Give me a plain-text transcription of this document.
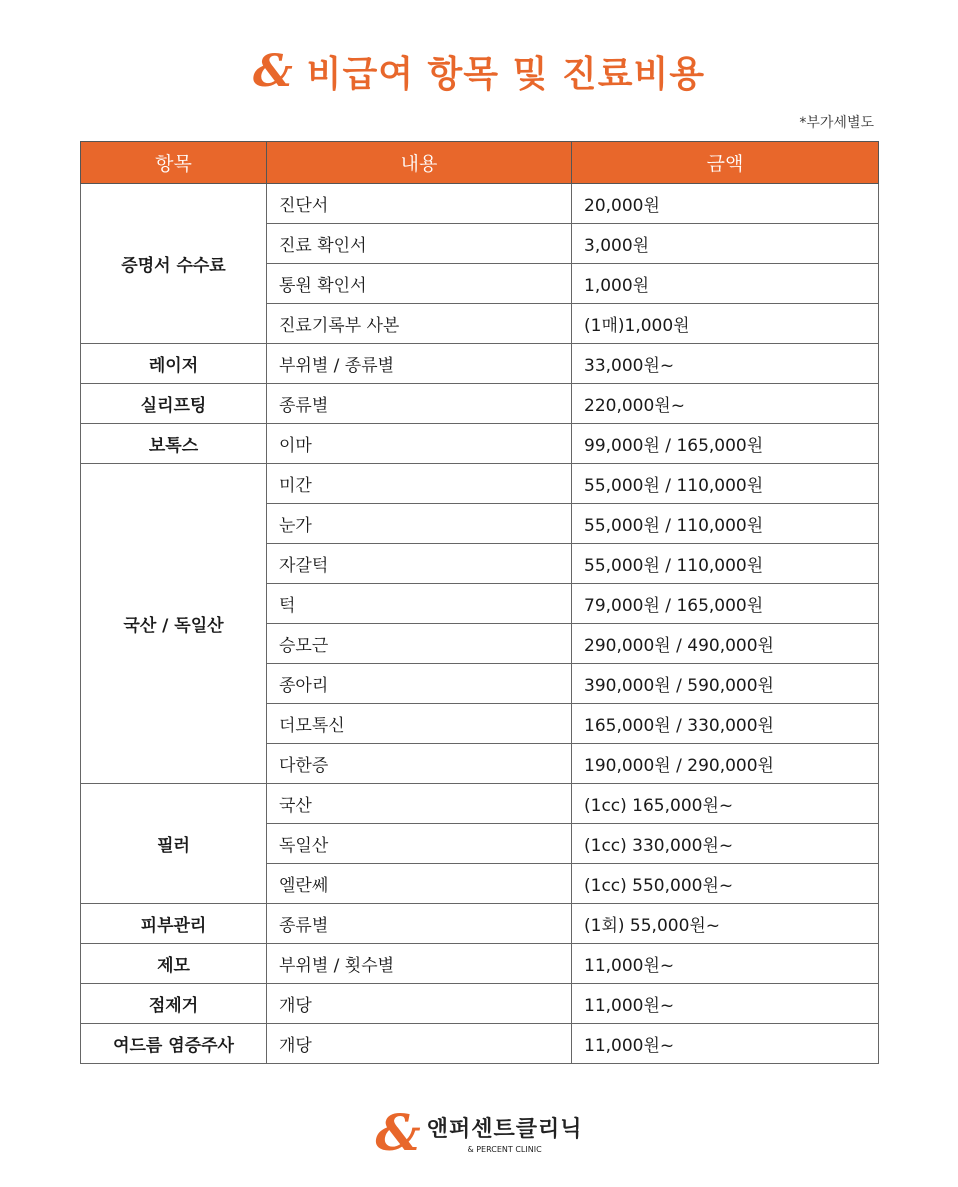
& 비급여 항목 및 진료비용
*부가세별도
항목	내용	금액
증명서 수수료	진단서	20,000원
	진료 확인서	3,000원
	통원 확인서	1,000원
	진료기록부 사본	(1매)1,000원
레이저	부위별 / 종류별	33,000원~
실리프팅	종류별	220,000원~
보톡스	이마	99,000원 / 165,000원
국산 / 독일산	미간	55,000원 / 110,000원
	눈가	55,000원 / 110,000원
	자갈턱	55,000원 / 110,000원
	턱	79,000원 / 165,000원
	승모근	290,000원 / 490,000원
	종아리	390,000원 / 590,000원
	더모톡신	165,000원 / 330,000원
	다한증	190,000원 / 290,000원
필러	국산	(1cc) 165,000원~
	독일산	(1cc) 330,000원~
	엘란쎄	(1cc) 550,000원~
피부관리	종류별	(1회) 55,000원~
제모	부위별 / 횟수별	11,000원~
점제거	개당	11,000원~
여드름 염증주사	개당	11,000원~
& 앤퍼센트클리닉
& PERCENT CLINIC
